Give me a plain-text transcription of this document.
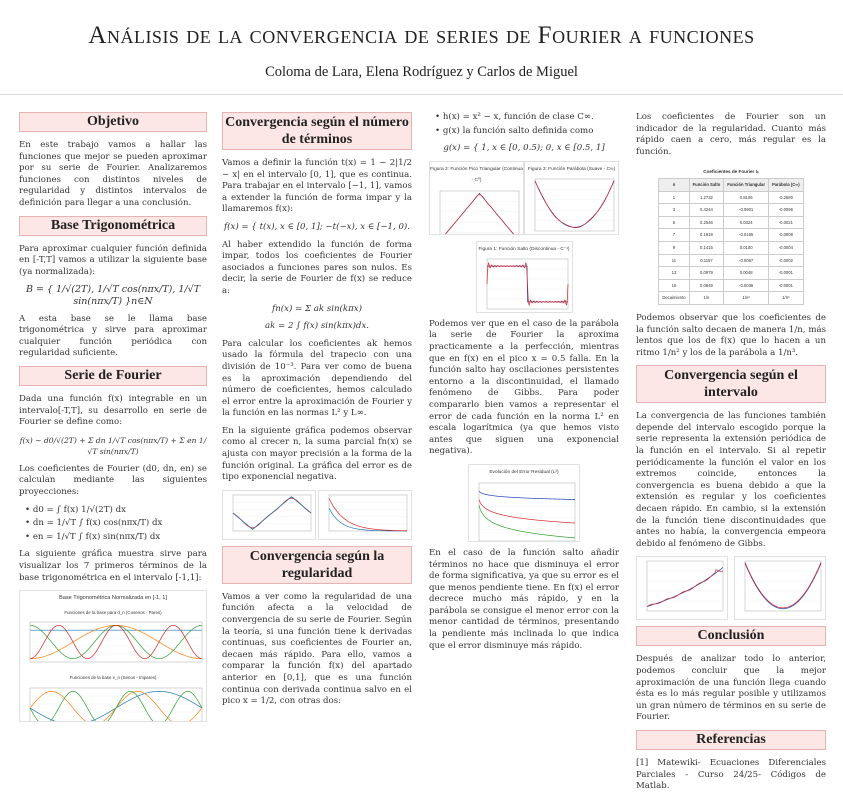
Análisis de la convergencia de series de Fourier a funciones
Coloma de Lara, Elena Rodríguez y Carlos de Miguel
Objetivo

En este trabajo vamos a hallar las funciones que mejor se pueden aproximar por su serie de Fourier. Analizaremos funciones con distintos niveles de regularidad y distintos intervalos de definición para llegar a una conclusión.

Base Trigonométrica

Para aproximar cualquier función definida en [-T,T] vamos a utilizar la siguiente base (ya normalizada):

B = { 1/√(2T), 1/√T cos(nπx/T), 1/√T sin(nπx/T) }n∈N

A esta base se le llama base trigonométrica y sirve para aproximar cualquier función periódica con regularidad suficiente.

Serie de Fourier

Dada una función f(x) integrable en un intervalo[-T,T], su desarrollo en serie de Fourier se define como:

f(x) ∼ d0/√(2T) + Σ dn 1/√T cos(nπx/T) + Σ en 1/√T sin(nπx/T)

Los coeficientes de Fourier (d0, dn, en) se calculan mediante las siguientes proyecciones:

• d0 = ∫ f(x) 1/√(2T) dx
• dn = 1/√T ∫ f(x) cos(nπx/T) dx
• en = 1/√T ∫ f(x) sin(nπx/T) dx

La siguiente gráfica muestra sirve para visualizar los 7 primeros términos de la base trigonométrica en el intervalo [-1,1]:

Base Trigonométrica Normalizada en [-1, 1]
Funciones de la base para d_n (Cosenos - Pares)
Funciones de la base e_n (Senos - Impares)
Convergencia según el número de términos

Vamos a definir la función t(x) = 1 − 2|1/2 − x| en el intervalo [0, 1], que es continua. Para trabajar en el intervalo [−1, 1], vamos a extender la función de forma impar y la llamaremos f(x):

f(x) = { t(x), x ∈ [0, 1]; −t(−x), x ∈ [−1, 0).

Al haber extendido la función de forma impar, todos los coeficientes de Fourier asociados a funciones pares son nulos. Es decir, la serie de Fourier de f(x) se reduce a:

fn(x) = Σ ak sin(kπx)
ak = 2 ∫ f(x) sin(kπx)dx.

Para calcular los coeficientes ak hemos usado la fórmula del trapecio con una división de 10⁻³. Para ver como de buena es la aproximación dependiendo del número de coeficientes, hemos calculado el error entre la aproximación de Fourier y la función en las normas L² y L∞.

En la siguiente gráfica podemos observar como al crecer n, la suma parcial fn(x) se ajusta con mayor precisión a la forma de la función original. La gráfica del error es de tipo exponencial negativa.

Convergencia según la regularidad

Vamos a ver como la regularidad de una función afecta a la velocidad de convergencia de su serie de Fourier. Según la teoría, si una función tiene k derivadas continuas, sus coeficientes de Fourier an, decaen más rápido. Para ello, vamos a comparar la función f(x) del apartado anterior en [0,1], que es una función continua con derivada continua salvo en el pico x = 1/2, con otras dos:

• h(x) = x² − x, función de clase C∞.
• g(x) la función salto definida como
g(x) = { 1, x ∈ [0, 0.5); 0, x ∈ [0.5, 1]
Figura 2: Función Pico Triangular (Continua - C⁰)
Figura 3: Función Parábola (Suave - C∞)
Figura 1: Función Salto (Discontinua - C⁻¹)

Podemos ver que en el caso de la parábola la serie de Fourier la aproxima practicamente a la perfección, mientras que en f(x) en el pico x = 0.5 falla. En la función salto hay oscilaciones persistentes entorno a la discontinuidad, el llamado fenómeno de Gibbs. Para poder compararlo bien vamos a representar el error de cada función en la norma L² en escala logarítmica (ya que hemos visto antes que siguen una exponencial negativa).

Evolución del Error Residual (L²)

En el caso de la función salto añadir términos no hace que disminuya el error de forma significativa, ya que su error es el que menos pendiente tiene. En f(x) el error decrece mucho más rápido, y en la parábola se consigue el menor error con la menor cantidad de términos, presentando la pendiente más inclinada lo que indica que el error disminuye más rápido.

Los coeficientes de Fourier son un indicador de la regularidad. Cuanto más rápido caen a cero, más regular es la función.

Coeficientes de Fourier Iₙ
n	Función Salto	Función Triangular	Parábola (C∞)
1	1.2732	0.8106	-0.2580
3	0.4244	-0.0901	-0.0096
5	0.2546	0.0324	-0.0021
7	0.1819	-0.0165	-0.0008
9	0.1415	0.0100	-0.0004
11	0.1157	-0.0067	-0.0002
13	0.0979	0.0048	-0.0001
15	0.0849	-0.0036	-0.0001
Decaimiento	1/n	1/n²	1/n³

Podemos observar que los coeficientes de la función salto decaen de manera 1/n, más lentos que los de f(x) que lo hacen a un ritmo 1/n² y los de la parábola a 1/n³.

Convergencia según el intervalo

La convergencia de las funciones también depende del intervalo escogido porque la serie representa la extensión periódica de la función en el intervalo. Si al repetir periódicamente la función el valor en los extremos coincide, entonces la convergencia es buena debido a que la extensión es regular y los coeficientes decaen rápido. En cambio, si la extensión de la función tiene discontinuidades que antes no había, la convergencia empeora debido al fenómeno de Gibbs.

Conclusión

Después de analizar todo lo anterior, podemos concluir que la mejor aproximación de una función llega cuando ésta es lo más regular posible y utilizamos un gran número de términos en su serie de Fourier.

Referencias

[1] Matewiki- Ecuaciones Diferenciales Parciales - Curso 24/25- Códigos de Matlab.
